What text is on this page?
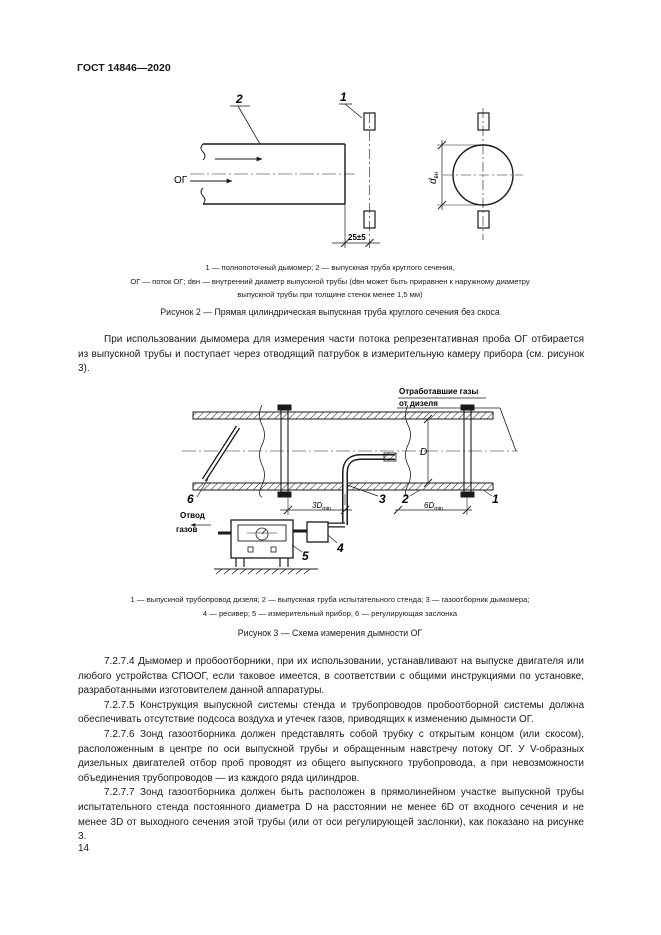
ГОСТ 14846—2020
2	1
ОГ
25±5
$d_{вн}$
1 — полнопоточный дымомер; 2 — выпускная труба круглого сечения,
ОГ — поток ОГ; dвн — внутренний диаметр выпускной трубы (dвн может быть приравнен к наружному диаметру
выпускной трубы при толщине стенок менее 1,5 мм)
Рисунок 2 — Прямая цилиндрическая выпускная труба круглого сечения без скоса

При использовании дымомера для измерения части потока репрезентативная проба ОГ отбирается из выпускной трубы и поступает через отводящий патрубок в измерительную камеру прибора (см. рисунок 3).

Отработавшие газы
от дизеля
D
1
2
3
6
4
5
$3D_{min}$	$6D_{min}$
Отвод
газов
1 — выпускной трубопровод дизеля; 2 — выпускная труба испытательного стенда; 3 — газоотборник дымомера;
4 — ресивер; 5 — измерительный прибор, 6 — регулирующая заслонка
Рисунок 3 — Схема измерения дымности ОГ

7.2.7.4 Дымомер и пробоотборники, при их использовании, устанавливают на выпуске двигателя или любого устройства СПООГ, если таковое имеется, в соответствии с общими инструкциями по установке, разработанными изготовителем данной аппаратуры.

7.2.7.5 Конструкция выпускной системы стенда и трубопроводов пробоотборной системы должна обеспечивать отсутствие подсоса воздуха и утечек газов, приводящих к изменению дымности ОГ.

7.2.7.6 Зонд газоотборника должен представлять собой трубку с открытым концом (или скосом), расположенным в центре по оси выпускной трубы и обращенным навстречу потоку ОГ. У V-образных дизельных двигателей отбор проб проводят из общего выпускного трубопровода, а при невозможности объединения трубопроводов — из каждого ряда цилиндров.

7.2.7.7 Зонд газоотборника должен быть расположен в прямолинейном участке выпускной трубы испытательного стенда постоянного диаметра D на расстоянии не менее 6D от входного сечения и не менее 3D от выходного сечения этой трубы (или от оси регулирующей заслонки), как показано на рисунке 3.

14
